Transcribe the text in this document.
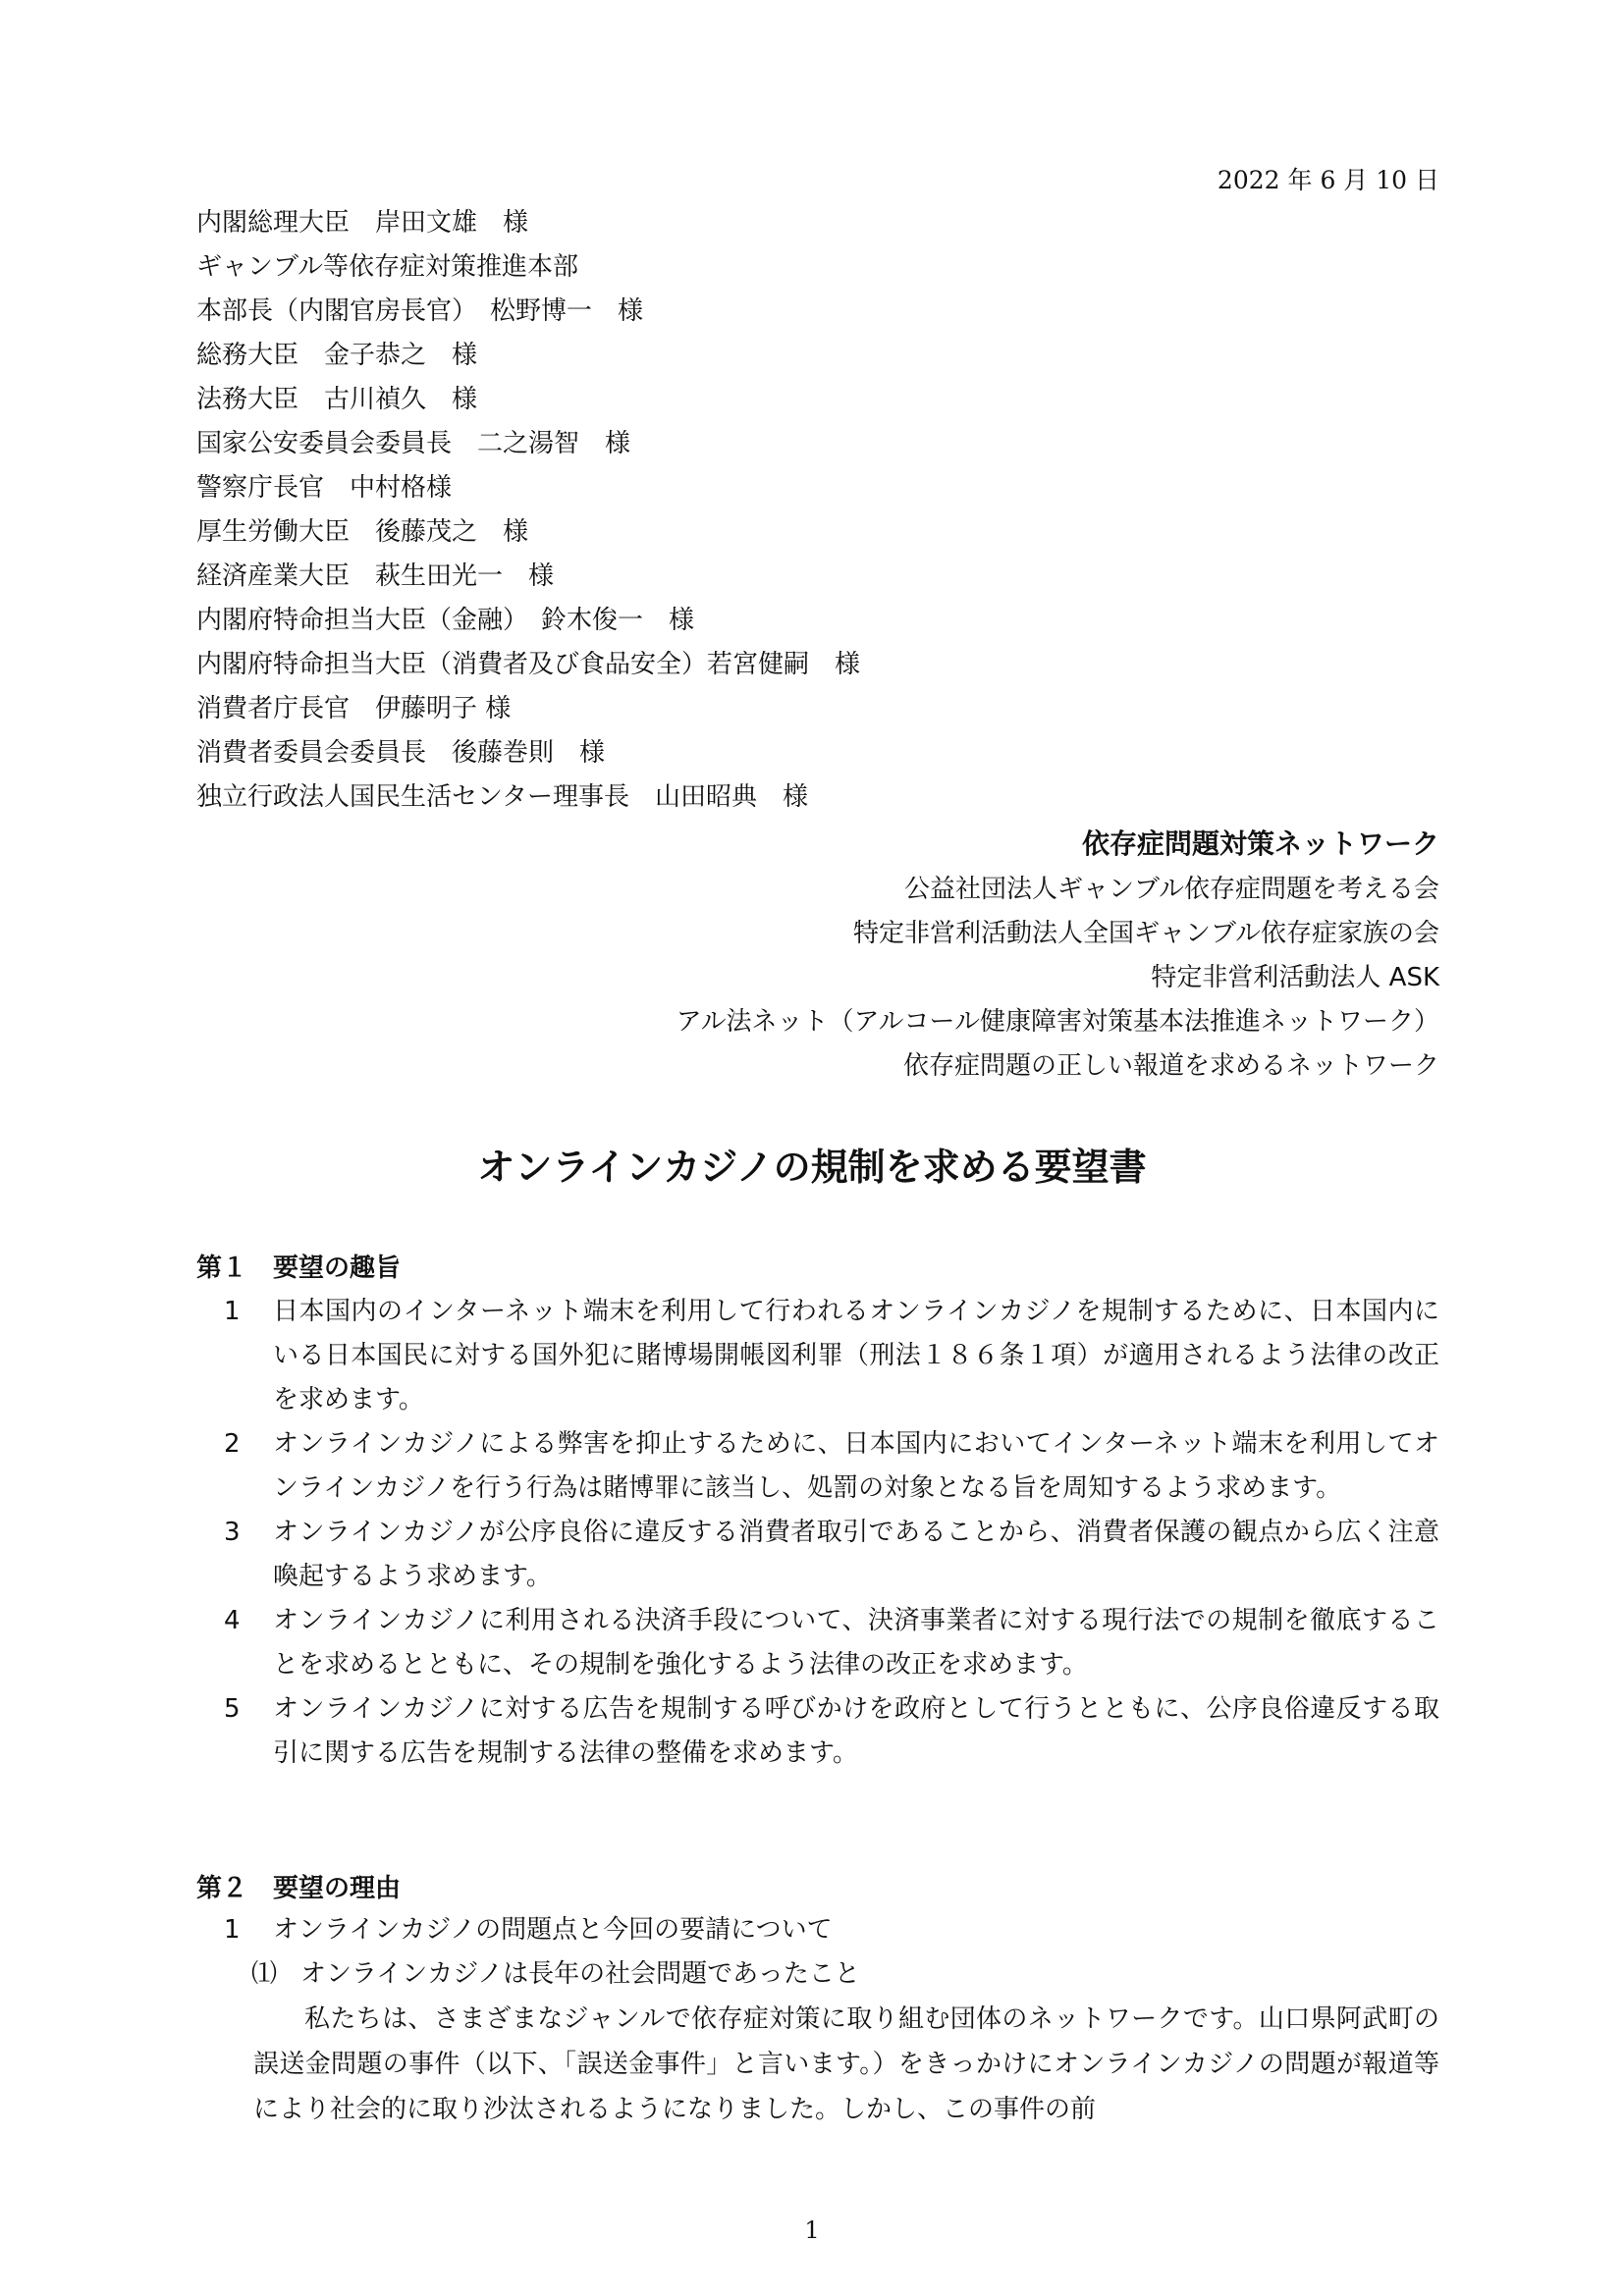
2022 年 6 月 10 日
内閣総理大臣　岸田文雄　様
ギャンブル等依存症対策推進本部
本部長（内閣官房長官）　松野博一　様
総務大臣　金子恭之　様
法務大臣　古川禎久　様
国家公安委員会委員長　二之湯智　様
警察庁長官　中村格様
厚生労働大臣　後藤茂之　様
経済産業大臣　萩生田光一　様
内閣府特命担当大臣（金融）　鈴木俊一　様
内閣府特命担当大臣（消費者及び食品安全）若宮健嗣　様
消費者庁長官　伊藤明子 様
消費者委員会委員長　後藤巻則　様
独立行政法人国民生活センター理事長　山田昭典　様
依存症問題対策ネットワーク
公益社団法人ギャンブル依存症問題を考える会
特定非営利活動法人全国ギャンブル依存症家族の会
特定非営利活動法人 ASK
アル法ネット（アルコール健康障害対策基本法推進ネットワーク）
依存症問題の正しい報道を求めるネットワーク
オンラインカジノの規制を求める要望書
第１　要望の趣旨
1	日本国内のインターネット端末を利用して行われるオンラインカジノを規制するために、日本国内にいる日本国民に対する国外犯に賭博場開帳図利罪（刑法１８６条１項）が適用されるよう法律の改正を求めます。
2	オンラインカジノによる弊害を抑止するために、日本国内においてインターネット端末を利用してオンラインカジノを行う行為は賭博罪に該当し、処罰の対象となる旨を周知するよう求めます。
3	オンラインカジノが公序良俗に違反する消費者取引であることから、消費者保護の観点から広く注意喚起するよう求めます。
4	オンラインカジノに利用される決済手段について、決済事業者に対する現行法での規制を徹底することを求めるとともに、その規制を強化するよう法律の改正を求めます。
5	オンラインカジノに対する広告を規制する呼びかけを政府として行うとともに、公序良俗違反する取引に関する広告を規制する法律の整備を求めます。
第２　要望の理由
1	オンラインカジノの問題点と今回の要請について
⑴ オンラインカジノは長年の社会問題であったこと
私たちは、さまざまなジャンルで依存症対策に取り組む団体のネットワークです。山口県阿武町の誤送金問題の事件（以下、「誤送金事件」と言います。）をきっかけにオンラインカジノの問題が報道等により社会的に取り沙汰されるようになりました。しかし、この事件の前
1
